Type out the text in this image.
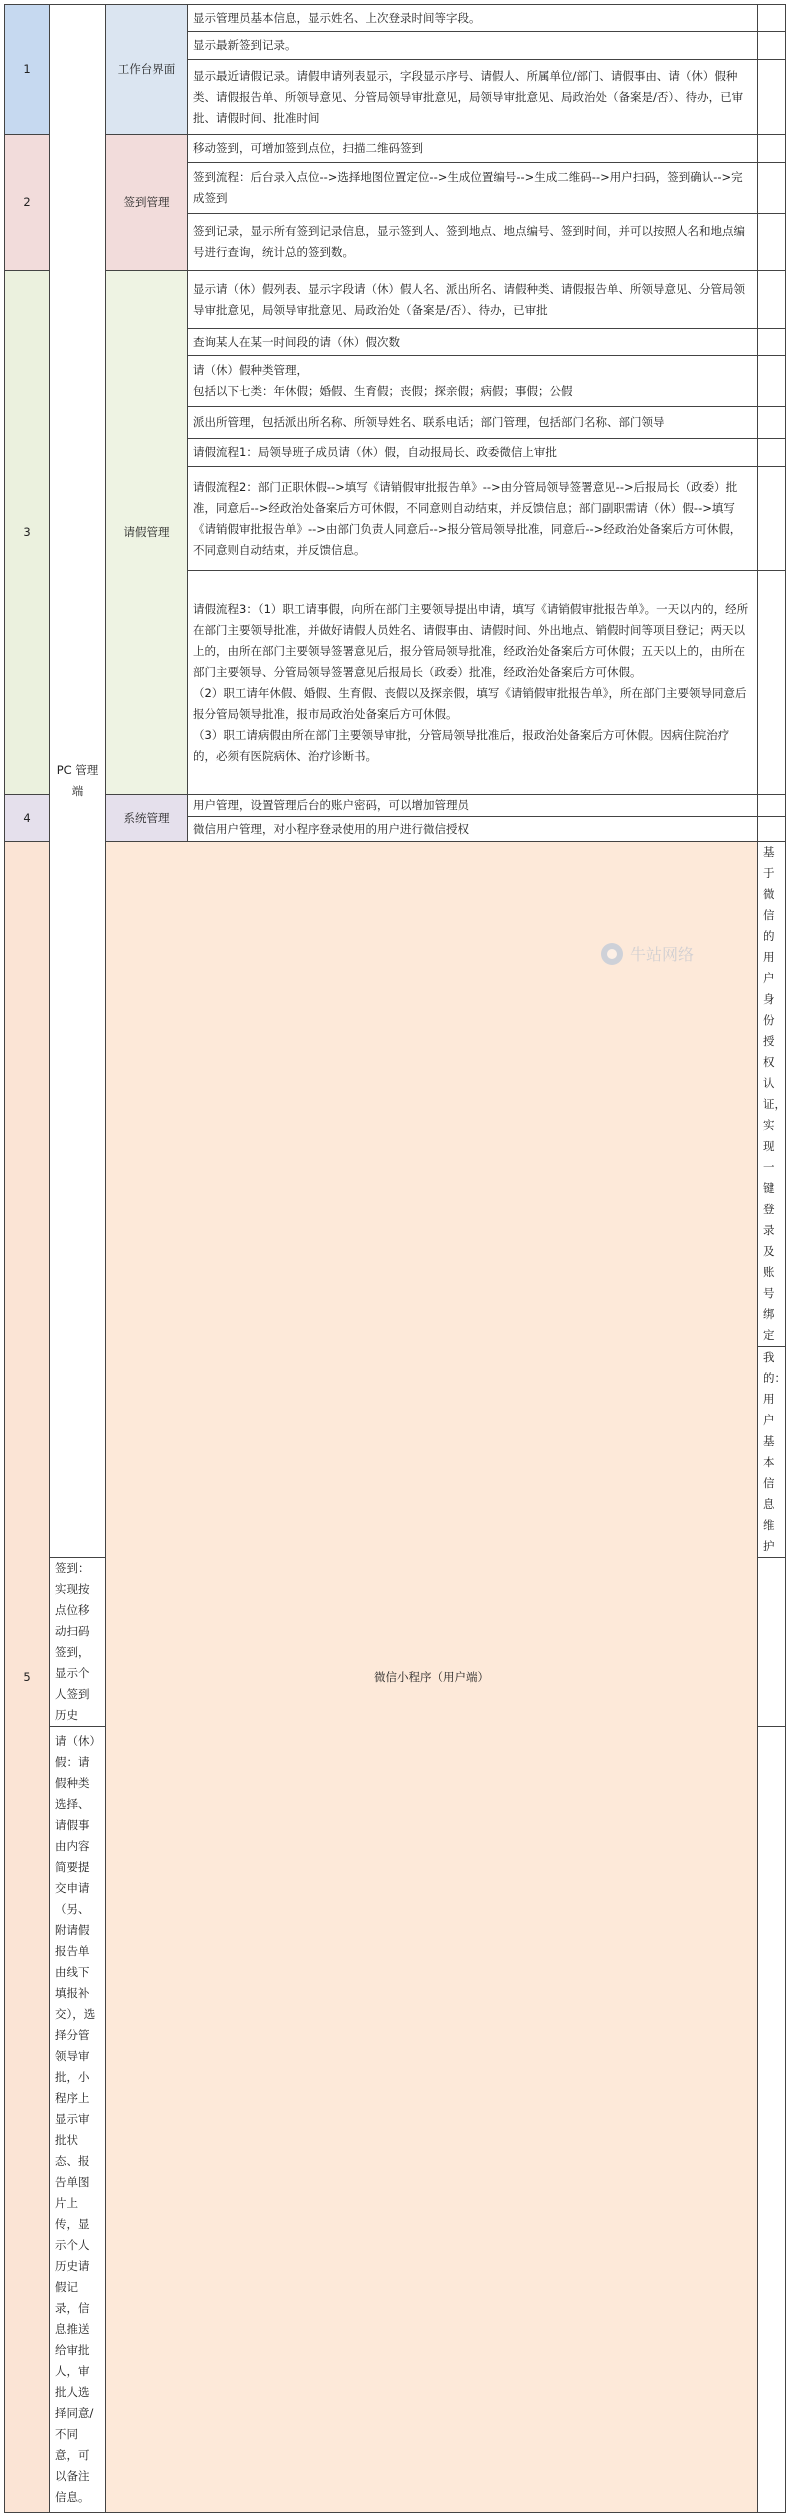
1	PC 管理端	工作台界面	显示管理员基本信息，显示姓名、上次登录时间等字段。		
			显示最新签到记录。		
			显示最近请假记录。请假申请列表显示，字段显示序号、请假人、所属单位/部门、请假事由、请（休）假种类、请假报告单、所领导意见、分管局领导审批意见，局领导审批意见、局政治处（备案是/否）、待办，已审批、请假时间、批准时间		
2		签到管理	移动签到，可增加签到点位，扫描二维码签到		
			签到流程：后台录入点位-->选择地图位置定位-->生成位置编号-->生成二维码-->用户扫码，签到确认-->完成签到		
			签到记录，显示所有签到记录信息，显示签到人、签到地点、地点编号、签到时间，并可以按照人名和地点编号进行查询，统计总的签到数。		
3		请假管理	显示请（休）假列表、显示字段请（休）假人名、派出所名、请假种类、请假报告单、所领导意见、分管局领导审批意见，局领导审批意见、局政治处（备案是/否）、待办，已审批		
			查询某人在某一时间段的请（休）假次数		
			请（休）假种类管理，
包括以下七类：年休假；婚假、生育假；丧假；探亲假；病假；事假；公假		
			派出所管理，包括派出所名称、所领导姓名、联系电话；部门管理，包括部门名称、部门领导		
			请假流程1：局领导班子成员请（休）假，自动报局长、政委微信上审批		
			请假流程2：部门正职休假-->填写《请销假审批报告单》-->由分管局领导签署意见-->后报局长（政委）批准，同意后-->经政治处备案后方可休假，不同意则自动结束，并反馈信息；部门副职需请（休）假-->填写《请销假审批报告单》-->由部门负责人同意后-->报分管局领导批准，同意后-->经政治处备案后方可休假，不同意则自动结束，并反馈信息。		
			请假流程3：（1）职工请事假，向所在部门主要领导提出申请，填写《请销假审批报告单》。一天以内的，经所在部门主要领导批准，并做好请假人员姓名、请假事由、请假时间、外出地点、销假时间等项目登记；两天以上的，由所在部门主要领导签署意见后，报分管局领导批准，经政治处备案后方可休假；五天以上的，由所在部门主要领导、分管局领导签署意见后报局长（政委）批准，经政治处备案后方可休假。
（2）职工请年休假、婚假、生育假、丧假以及探亲假，填写《请销假审批报告单》，所在部门主要领导同意后报分管局领导批准，报市局政治处备案后方可休假。
（3）职工请病假由所在部门主要领导审批，分管局领导批准后，报政治处备案后方可休假。因病住院治疗的，必须有医院病休、治疗诊断书。		
4		系统管理	用户管理，设置管理后台的账户密码，可以增加管理员		
			微信用户管理，对小程序登录使用的用户进行微信授权		
5		微信小程序（用户端）		基于微信的用户身份授权认证，实现一键登录及账号绑定	
				我的：用户基本信息维护	
	签到：实现按点位移动扫码签到，显示个人签到历史				
	请（休）假：请假种类选择、请假事由内容简要提交申请（另、附请假报告单由线下填报补交），选择分管领导审批，小程序上显示审批状态、报告单图片上传，显示个人历史请假记录，信息推送给审批人，审批人选择同意/不同意，可以备注信息。				
牛站网络
